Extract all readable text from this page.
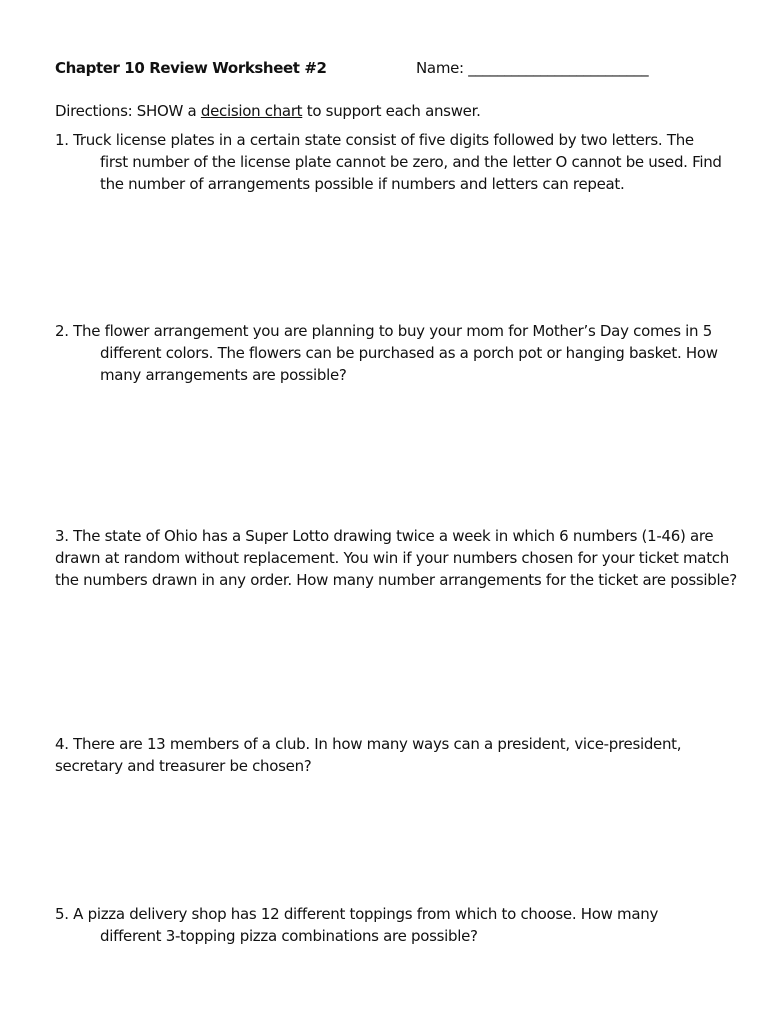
Chapter 10 Review Worksheet #2	Name: _________________________
Directions: SHOW a decision chart to support each answer.
1. Truck license plates in a certain state consist of five digits followed by two letters. The
first number of the license plate cannot be zero, and the letter O cannot be used. Find
the number of arrangements possible if numbers and letters can repeat.
2. The flower arrangement you are planning to buy your mom for Mother’s Day comes in 5
different colors. The flowers can be purchased as a porch pot or hanging basket. How
many arrangements are possible?
3. The state of Ohio has a Super Lotto drawing twice a week in which 6 numbers (1-46) are
drawn at random without replacement. You win if your numbers chosen for your ticket match
the numbers drawn in any order. How many number arrangements for the ticket are possible?
4. There are 13 members of a club. In how many ways can a president, vice-president,
secretary and treasurer be chosen?
5. A pizza delivery shop has 12 different toppings from which to choose. How many
different 3-topping pizza combinations are possible?
